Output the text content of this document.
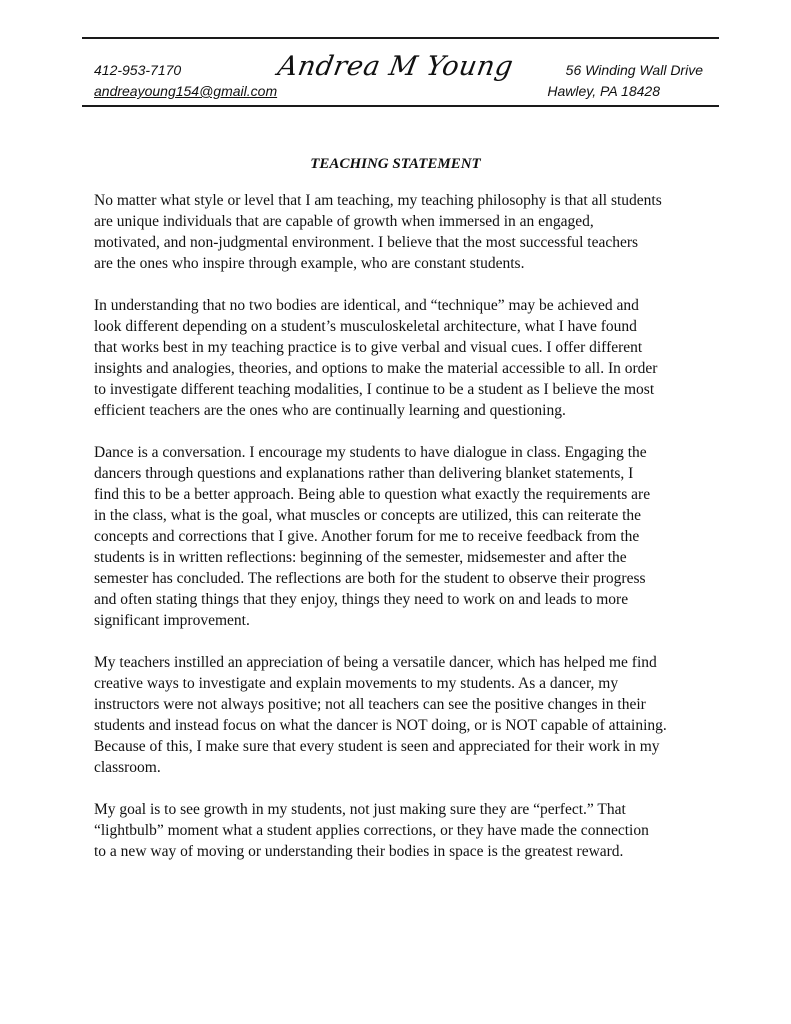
412-953-7170
andreayoung154@gmail.com
Andrea M Young	56 Winding Wall Drive
Hawley, PA 18428
TEACHING STATEMENT
No matter what style or level that I am teaching, my teaching philosophy is that all students
are unique individuals that are capable of growth when immersed in an engaged,
motivated, and non-judgmental environment. I believe that the most successful teachers
are the ones who inspire through example, who are constant students.
In understanding that no two bodies are identical, and “technique” may be achieved and
look different depending on a student’s musculoskeletal architecture, what I have found
that works best in my teaching practice is to give verbal and visual cues. I offer different
insights and analogies, theories, and options to make the material accessible to all. In order
to investigate different teaching modalities, I continue to be a student as I believe the most
efficient teachers are the ones who are continually learning and questioning.
Dance is a conversation. I encourage my students to have dialogue in class. Engaging the
dancers through questions and explanations rather than delivering blanket statements, I
find this to be a better approach. Being able to question what exactly the requirements are
in the class, what is the goal, what muscles or concepts are utilized, this can reiterate the
concepts and corrections that I give. Another forum for me to receive feedback from the
students is in written reflections: beginning of the semester, midsemester and after the
semester has concluded. The reflections are both for the student to observe their progress
and often stating things that they enjoy, things they need to work on and leads to more
significant improvement.
My teachers instilled an appreciation of being a versatile dancer, which has helped me find
creative ways to investigate and explain movements to my students. As a dancer, my
instructors were not always positive; not all teachers can see the positive changes in their
students and instead focus on what the dancer is NOT doing, or is NOT capable of attaining.
Because of this, I make sure that every student is seen and appreciated for their work in my
classroom.
My goal is to see growth in my students, not just making sure they are “perfect.” That
“lightbulb” moment what a student applies corrections, or they have made the connection
to a new way of moving or understanding their bodies in space is the greatest reward.
